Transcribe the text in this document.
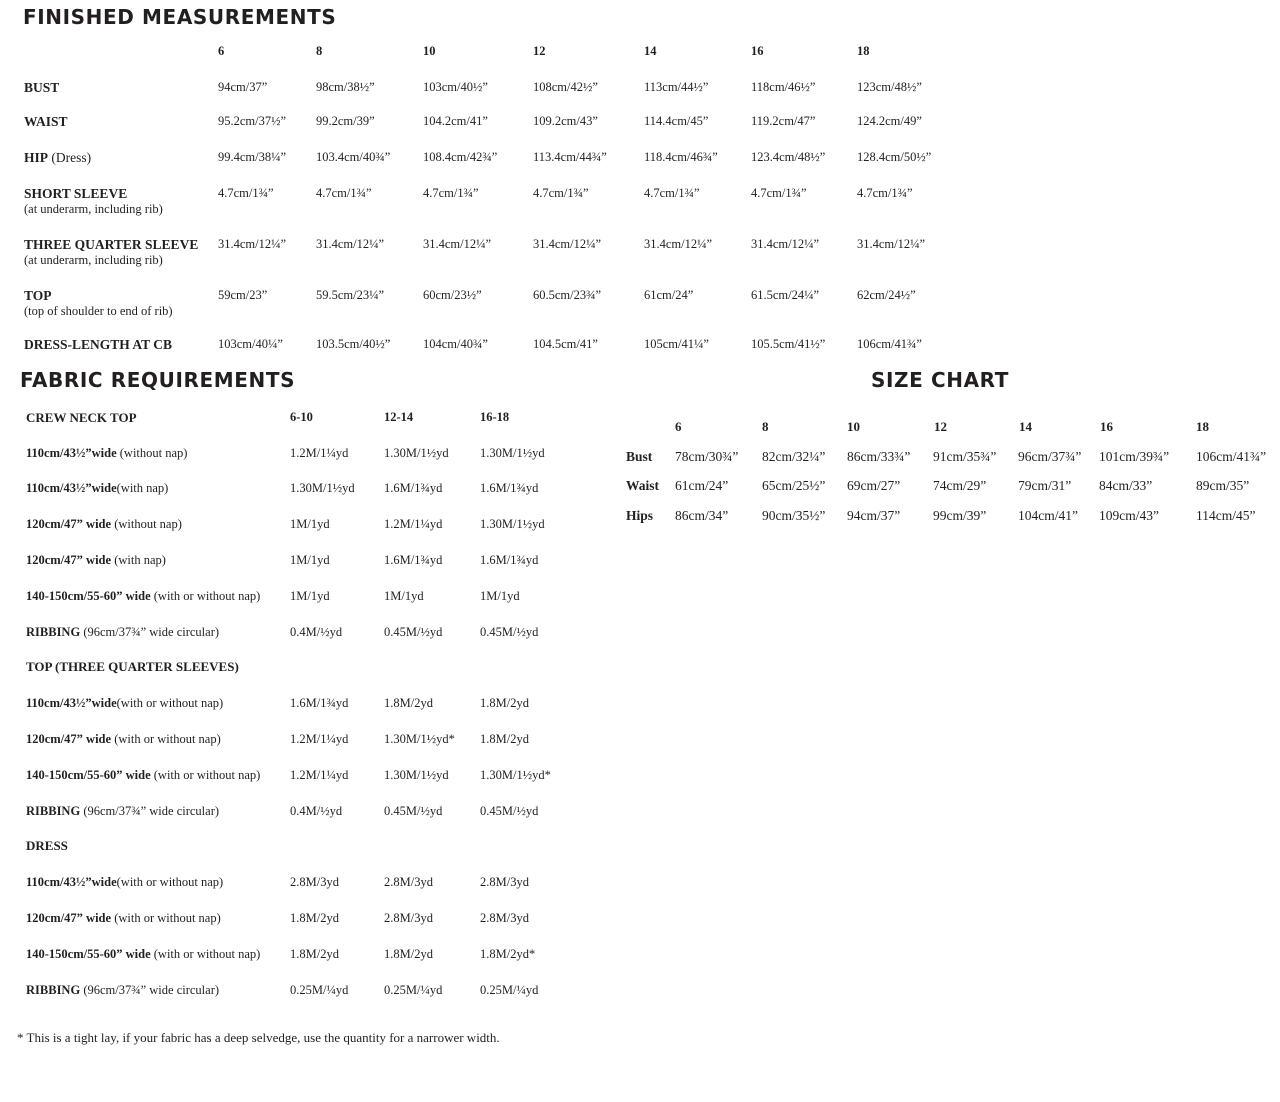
FINISHED MEASUREMENTS
6	8	10	12	14	16	18
BUST	94cm/37”	98cm/38½”	103cm/40½”	108cm/42½”	113cm/44½”	118cm/46½”	123cm/48½”
WAIST	95.2cm/37½” 99.2cm/39”	104.2cm/41”	109.2cm/43”	114.4cm/45”	119.2cm/47”	124.2cm/49”
HIP (Dress)	99.4cm/38¼” 103.4cm/40¾”	108.4cm/42¾”	113.4cm/44¾”	118.4cm/46¾”	123.4cm/48½”	128.4cm/50½”
SHORT SLEEVE
(at underarm, including rib)
4.7cm/1¾”	4.7cm/1¾”	4.7cm/1¾”	4.7cm/1¾”	4.7cm/1¾”	4.7cm/1¾”	4.7cm/1¾”
THREE QUARTER SLEEVE
(at underarm, including rib)
31.4cm/12¼” 31.4cm/12¼”	31.4cm/12¼”	31.4cm/12¼”	31.4cm/12¼”	31.4cm/12¼”	31.4cm/12¼”
TOP
(top of shoulder to end of rib)
59cm/23”	59.5cm/23¼”	60cm/23½”	60.5cm/23¾”	61cm/24”	61.5cm/24¼”	62cm/24½”
DRESS-LENGTH AT CB	103cm/40¼”	103.5cm/40½”	104cm/40¾”	104.5cm/41”	105cm/41¼”	105.5cm/41½”	106cm/41¾”
FABRIC REQUIREMENTS
CREW NECK TOP	6-10	12-14	16-18
110cm/43½”wide (without nap)	1.2M/1¼yd	1.30M/1½yd	1.30M/1½yd
110cm/43½”wide(with nap)	1.30M/1½yd 1.6M/1¾yd	1.6M/1¾yd
120cm/47” wide (without nap)	1M/1yd	1.2M/1¼yd	1.30M/1½yd
120cm/47” wide (with nap)	1M/1yd	1.6M/1¾yd	1.6M/1¾yd
140-150cm/55-60” wide (with or without nap) 1M/1yd	1M/1yd	1M/1yd
RIBBING (96cm/37¾” wide circular)	0.4M/½yd	0.45M/½yd	0.45M/½yd
TOP (THREE QUARTER SLEEVES)
110cm/43½”wide(with or without nap)	1.6M/1¾yd	1.8M/2yd	1.8M/2yd
120cm/47” wide (with or without nap)	1.2M/1¼yd	1.30M/1½yd* 1.8M/2yd
140-150cm/55-60” wide (with or without nap) 1.2M/1¼yd	1.30M/1½yd	1.30M/1½yd*
RIBBING (96cm/37¾” wide circular)	0.4M/½yd	0.45M/½yd	0.45M/½yd
DRESS
110cm/43½”wide(with or without nap)	2.8M/3yd	2.8M/3yd	2.8M/3yd
120cm/47” wide (with or without nap)	1.8M/2yd	2.8M/3yd	2.8M/3yd
140-150cm/55-60” wide (with or without nap) 1.8M/2yd	1.8M/2yd	1.8M/2yd*
RIBBING (96cm/37¾” wide circular)	0.25M/¼yd	0.25M/¼yd	0.25M/¼yd
SIZE CHART
6	8	10	12	14	16	18
Bust 78cm/30¾” 82cm/32¼” 86cm/33¾” 91cm/35¾” 96cm/37¾” 101cm/39¾” 106cm/41¾”
Waist 61cm/24”	65cm/25½” 69cm/27” 74cm/29” 79cm/31” 84cm/33”	89cm/35”
Hips 86cm/34”	90cm/35½” 94cm/37” 99cm/39” 104cm/41” 109cm/43”	114cm/45”
* This is a tight lay, if your fabric has a deep selvedge, use the quantity for a narrower width.
